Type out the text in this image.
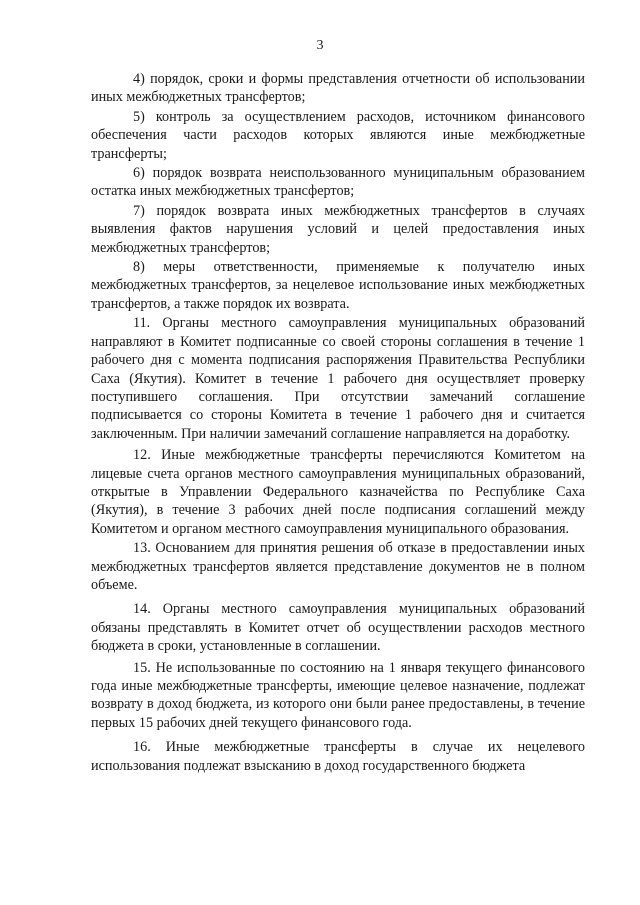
3

4) порядок, сроки и формы представления отчетности об использовании иных межбюджетных трансфертов;

5) контроль за осуществлением расходов, источником финансового обеспечения части расходов которых являются иные межбюджетные трансферты;

6) порядок возврата неиспользованного муниципальным образованием остатка иных межбюджетных трансфертов;

7) порядок возврата иных межбюджетных трансфертов в случаях выявления фактов нарушения условий и целей предоставления иных межбюджетных трансфертов;

8) меры ответственности, применяемые к получателю иных межбюджетных трансфертов, за нецелевое использование иных межбюджетных трансфертов, а также порядок их возврата.

11. Органы местного самоуправления муниципальных образований направляют в Комитет подписанные со своей стороны соглашения в течение 1 рабочего дня с момента подписания распоряжения Правительства Республики Саха (Якутия). Комитет в течение 1 рабочего дня осуществляет проверку поступившего соглашения. При отсутствии замечаний соглашение подписывается со стороны Комитета в течение 1 рабочего дня и считается заключенным. При наличии замечаний соглашение направляется на доработку.

12. Иные межбюджетные трансферты перечисляются Комитетом на лицевые счета органов местного самоуправления муниципальных образований, открытые в Управлении Федерального казначейства по Республике Саха (Якутия), в течение 3 рабочих дней после подписания соглашений между Комитетом и органом местного самоуправления муниципального образования.

13. Основанием для принятия решения об отказе в предоставлении иных межбюджетных трансфертов является представление документов не в полном объеме.

14. Органы местного самоуправления муниципальных образований обязаны представлять в Комитет отчет об осуществлении расходов местного бюджета в сроки, установленные в соглашении.

15. Не использованные по состоянию на 1 января текущего финансового года иные межбюджетные трансферты, имеющие целевое назначение, подлежат возврату в доход бюджета, из которого они были ранее предоставлены, в течение первых 15 рабочих дней текущего финансового года.

16. Иные межбюджетные трансферты в случае их нецелевого использования подлежат взысканию в доход государственного бюджета
